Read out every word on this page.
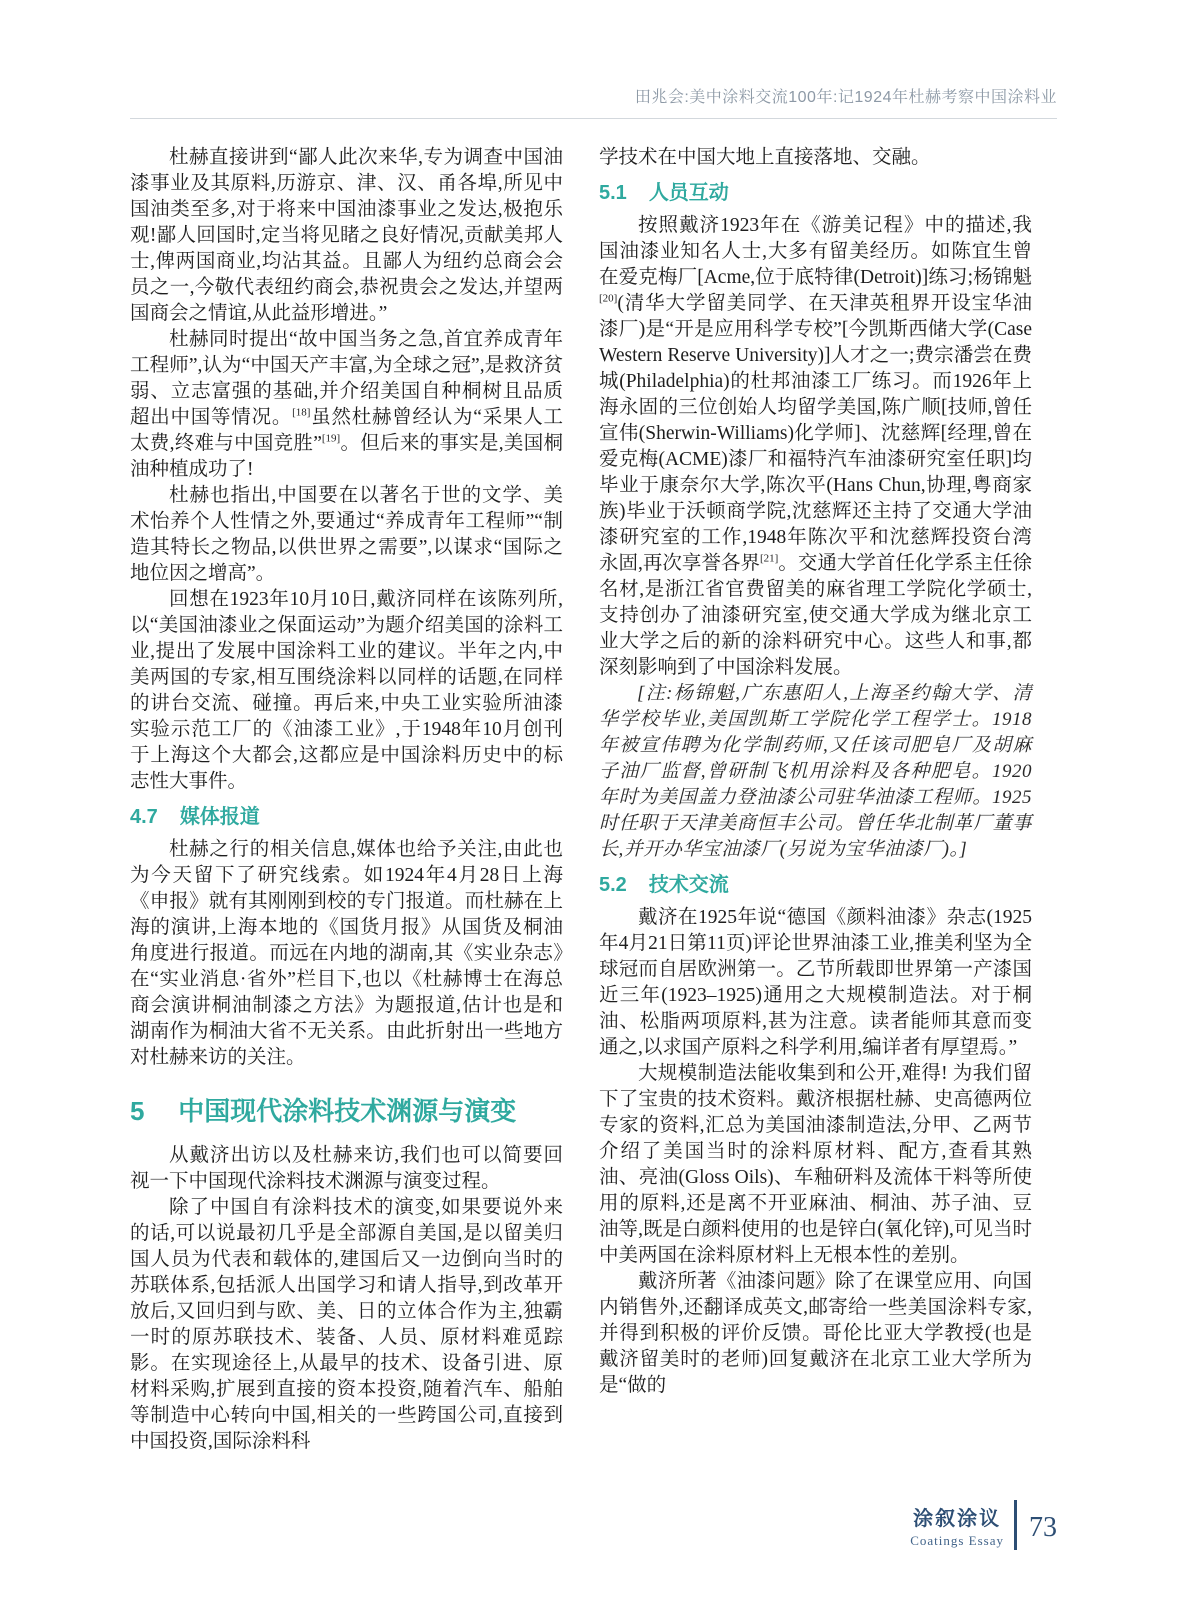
田兆会:美中涂料交流100年:记1924年杜赫考察中国涂料业

杜赫直接讲到“鄙人此次来华,专为调查中国油漆事业及其原料,历游京、津、汉、甬各埠,所见中国油类至多,对于将来中国油漆事业之发达,极抱乐观!鄙人回国时,定当将见睹之良好情况,贡献美邦人士,俾两国商业,均沾其益。且鄙人为纽约总商会会员之一,今敬代表纽约商会,恭祝贵会之发达,并望两国商会之情谊,从此益形增进。”

杜赫同时提出“故中国当务之急,首宜养成青年工程师”,认为“中国天产丰富,为全球之冠”,是救济贫弱、立志富强的基础,并介绍美国自种桐树且品质超出中国等情况。[18]虽然杜赫曾经认为“采果人工太费,终难与中国竞胜”[19]。但后来的事实是,美国桐油种植成功了!

杜赫也指出,中国要在以著名于世的文学、美术怡养个人性情之外,要通过“养成青年工程师”“制造其特长之物品,以供世界之需要”,以谋求“国际之地位因之增高”。

回想在1923年10月10日,戴济同样在该陈列所,以“美国油漆业之保面运动”为题介绍美国的涂料工业,提出了发展中国涂料工业的建议。半年之内,中美两国的专家,相互围绕涂料以同样的话题,在同样的讲台交流、碰撞。再后来,中央工业实验所油漆实验示范工厂的《油漆工业》,于1948年10月创刊于上海这个大都会,这都应是中国涂料历史中的标志性大事件。

4.7 媒体报道

杜赫之行的相关信息,媒体也给予关注,由此也为今天留下了研究线索。如1924年4月28日上海《申报》就有其刚刚到校的专门报道。而杜赫在上海的演讲,上海本地的《国货月报》从国货及桐油角度进行报道。而远在内地的湖南,其《实业杂志》在“实业消息·省外”栏目下,也以《杜赫博士在海总商会演讲桐油制漆之方法》为题报道,估计也是和湖南作为桐油大省不无关系。由此折射出一些地方对杜赫来访的关注。

5 中国现代涂料技术渊源与演变

从戴济出访以及杜赫来访,我们也可以简要回视一下中国现代涂料技术渊源与演变过程。

除了中国自有涂料技术的演变,如果要说外来的话,可以说最初几乎是全部源自美国,是以留美归国人员为代表和载体的,建国后又一边倒向当时的苏联体系,包括派人出国学习和请人指导,到改革开放后,又回归到与欧、美、日的立体合作为主,独霸一时的原苏联技术、装备、人员、原材料难觅踪影。在实现途径上,从最早的技术、设备引进、原材料采购,扩展到直接的资本投资,随着汽车、船舶等制造中心转向中国,相关的一些跨国公司,直接到中国投资,国际涂料科

学技术在中国大地上直接落地、交融。

5.1 人员互动

按照戴济1923年在《游美记程》中的描述,我国油漆业知名人士,大多有留美经历。如陈宜生曾在爱克梅厂[Acme,位于底特律(Detroit)]练习;杨锦魁[20](清华大学留美同学、在天津英租界开设宝华油漆厂)是“开是应用科学专校”[今凯斯西储大学(Case Western Reserve University)]人才之一;费宗潘尝在费城(Philadelphia)的杜邦油漆工厂练习。而1926年上海永固的三位创始人均留学美国,陈广顺[技师,曾任宣伟(Sherwin-Williams)化学师]、沈慈辉[经理,曾在爱克梅(ACME)漆厂和福特汽车油漆研究室任职]均毕业于康奈尔大学,陈次平(Hans Chun,协理,粤商家族)毕业于沃顿商学院,沈慈辉还主持了交通大学油漆研究室的工作,1948年陈次平和沈慈辉投资台湾永固,再次享誉各界[21]。交通大学首任化学系主任徐名材,是浙江省官费留美的麻省理工学院化学硕士,支持创办了油漆研究室,使交通大学成为继北京工业大学之后的新的涂料研究中心。这些人和事,都深刻影响到了中国涂料发展。

[注:杨锦魁,广东惠阳人,上海圣约翰大学、清华学校毕业,美国凯斯工学院化学工程学士。1918年被宣伟聘为化学制药师,又任该司肥皂厂及胡麻子油厂监督,曾研制飞机用涂料及各种肥皂。1920年时为美国盖力登油漆公司驻华油漆工程师。1925时任职于天津美商恒丰公司。曾任华北制革厂董事长,并开办华宝油漆厂(另说为宝华油漆厂)。]

5.2 技术交流

戴济在1925年说“德国《颜料油漆》杂志(1925年4月21日第11页)评论世界油漆工业,推美利坚为全球冠而自居欧洲第一。乙节所载即世界第一产漆国近三年(1923–1925)通用之大规模制造法。对于桐油、松脂两项原料,甚为注意。读者能师其意而变通之,以求国产原料之科学利用,编详者有厚望焉。”

大规模制造法能收集到和公开,难得! 为我们留下了宝贵的技术资料。戴济根据杜赫、史高德两位专家的资料,汇总为美国油漆制造法,分甲、乙两节介绍了美国当时的涂料原材料、配方,查看其熟油、亮油(Gloss Oils)、车釉研料及流体干料等所使用的原料,还是离不开亚麻油、桐油、苏子油、豆油等,既是白颜料使用的也是锌白(氧化锌),可见当时中美两国在涂料原材料上无根本性的差别。

戴济所著《油漆问题》除了在课堂应用、向国内销售外,还翻译成英文,邮寄给一些美国涂料专家,并得到积极的评价反馈。哥伦比亚大学教授(也是戴济留美时的老师)回复戴济在北京工业大学所为是“做的

涂叙涂议
Coatings Essay 73
